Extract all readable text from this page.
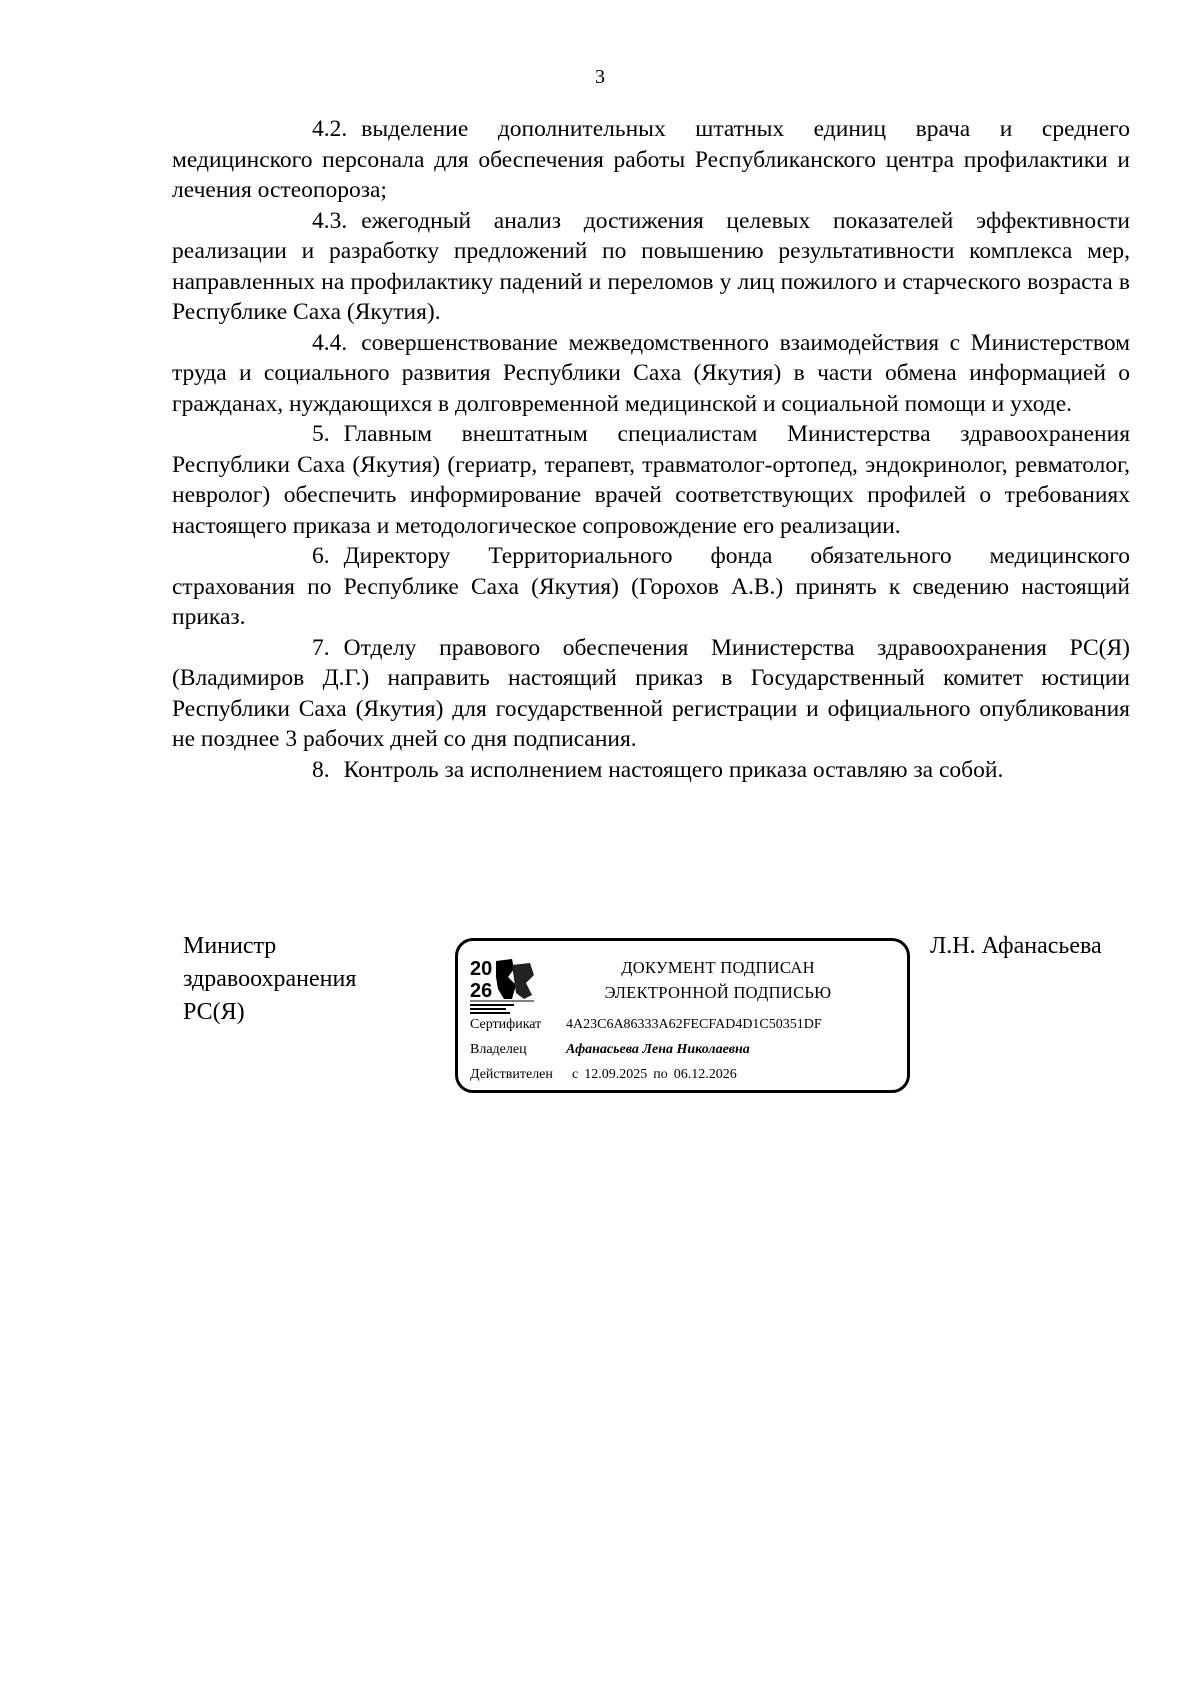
3

4.2. выделение дополнительных штатных единиц врача и среднего медицинского персонала для обеспечения работы Республиканского центра профилактики и лечения остеопороза;

4.3. ежегодный анализ достижения целевых показателей эффективности реализации и разработку предложений по повышению результативности комплекса мер, направленных на профилактику падений и переломов у лиц пожилого и старческого возраста в Республике Саха (Якутия).

4.4. совершенствование межведомственного взаимодействия с Министерством труда и социального развития Республики Саха (Якутия) в части обмена информацией о гражданах, нуждающихся в долговременной медицинской и социальной помощи и уходе.

5. Главным внештатным специалистам Министерства здравоохранения Республики Саха (Якутия) (гериатр, терапевт, травматолог-ортопед, эндокринолог, ревматолог, невролог) обеспечить информирование врачей соответствующих профилей о требованиях настоящего приказа и методологическое сопровождение его реализации.

6. Директору Территориального фонда обязательного медицинского страхования по Республике Саха (Якутия) (Горохов А.В.) принять к сведению настоящий приказ.

7. Отделу правового обеспечения Министерства здравоохранения РС(Я) (Владимиров Д.Г.) направить настоящий приказ в Государственный комитет юстиции Республики Саха (Якутия) для государственной регистрации и официального опубликования не позднее 3 рабочих дней со дня подписания.

8. Контроль за исполнением настоящего приказа оставляю за собой.

Министр
здравоохранения
РС(Я)
20
26
ДОКУМЕНТ ПОДПИСАН
ЭЛЕКТРОННОЙ ПОДПИСЬЮ
Сертификат 4A23C6A86333A62FECFAD4D1C50351DF
Владелец	Афанасьева Лена Николаевна
Действителен с 12.09.2025 по 06.12.2026
Л.Н. Афанасьева
